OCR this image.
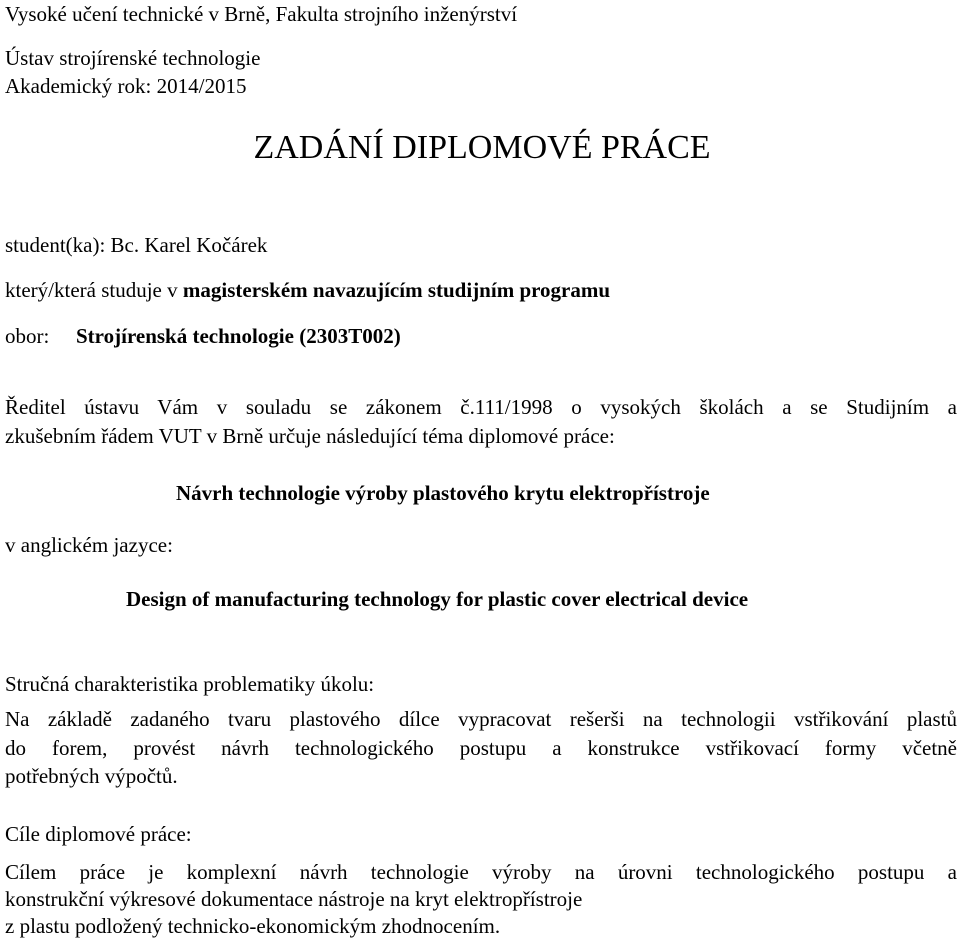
Vysoké učení technické v Brně, Fakulta strojního inženýrství
Ústav strojírenské technologie
Akademický rok: 2014/2015
ZADÁNÍ DIPLOMOVÉ PRÁCE
student(ka): Bc. Karel Kočárek
který/která studuje v magisterském navazujícím studijním programu
obor: Strojírenská technologie (2303T002)
Ředitel ústavu Vám v souladu se zákonem č.111/1998 o vysokých školách a se Studijním a
zkušebním řádem VUT v Brně určuje následující téma diplomové práce:
Návrh technologie výroby plastového krytu elektropřístroje
v anglickém jazyce:
Design of manufacturing technology for plastic cover electrical device
Stručná charakteristika problematiky úkolu:
Na základě zadaného tvaru plastového dílce vypracovat rešerši na technologii vstřikování plastů
do forem, provést návrh technologického postupu a konstrukce vstřikovací formy včetně
potřebných výpočtů.
Cíle diplomové práce:
Cílem práce je komplexní návrh technologie výroby na úrovni technologického postupu a
konstrukční výkresové dokumentace nástroje na kryt elektropřístroje
z plastu podložený technicko-ekonomickým zhodnocením.
